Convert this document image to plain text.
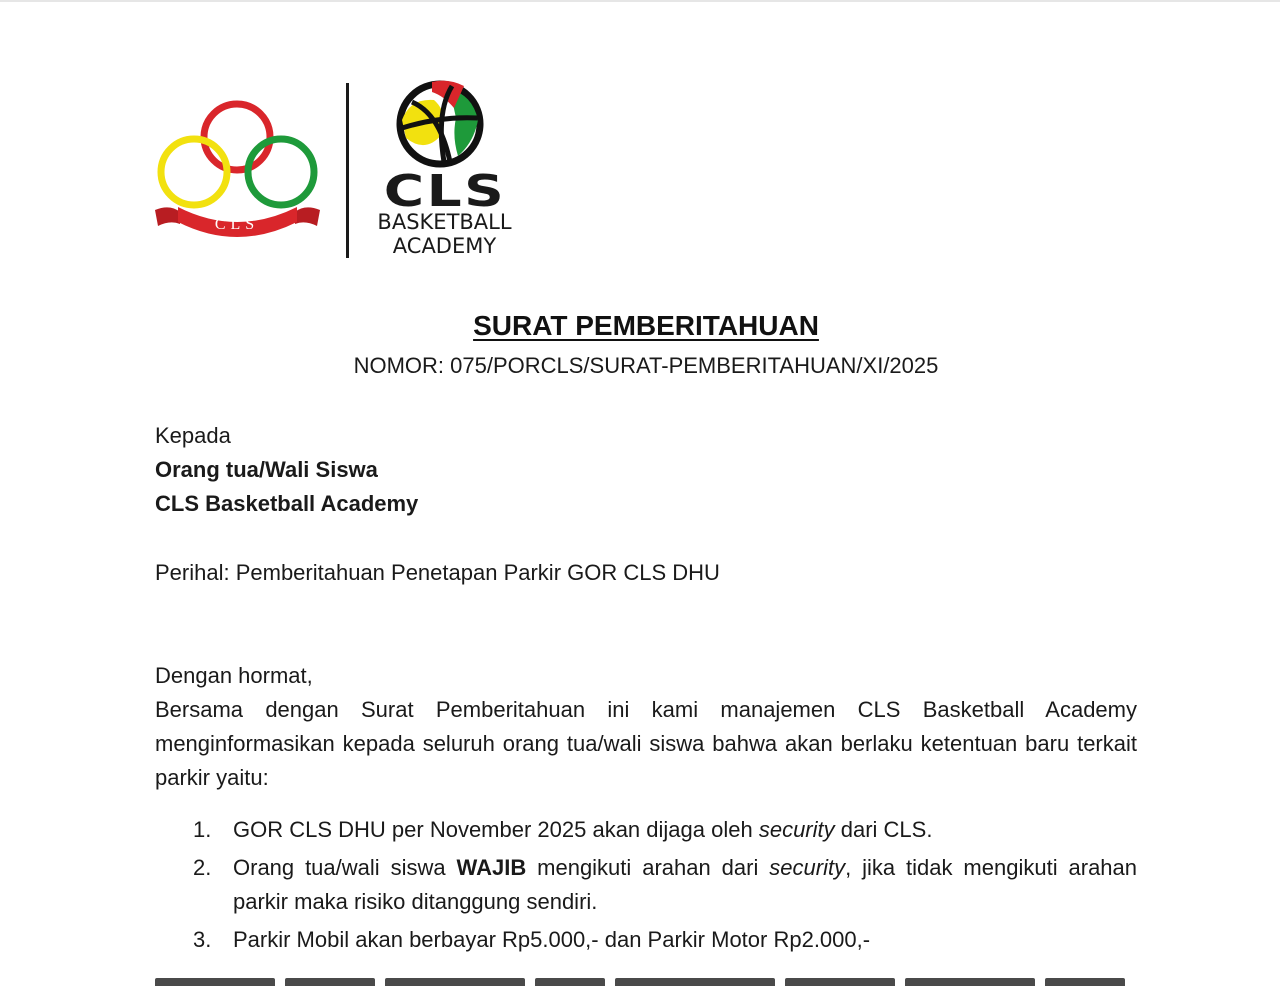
CLS
CLS
BASKETBALL
ACADEMY
SURAT PEMBERITAHUAN
NOMOR: 075/PORCLS/SURAT-PEMBERITAHUAN/XI/2025
Kepada
Orang tua/Wali Siswa
CLS Basketball Academy
Perihal: Pemberitahuan Penetapan Parkir GOR CLS DHU
Dengan hormat,
Bersama dengan Surat Pemberitahuan ini kami manajemen CLS Basketball Academy menginformasikan kepada seluruh orang tua/wali siswa bahwa akan berlaku ketentuan baru terkait parkir yaitu:
1. GOR CLS DHU per November 2025 akan dijaga oleh security dari CLS.
2. Orang tua/wali siswa WAJIB mengikuti arahan dari security, jika tidak mengikuti arahan parkir maka risiko ditanggung sendiri.
3. Parkir Mobil akan berbayar Rp5.000,- dan Parkir Motor Rp2.000,-
